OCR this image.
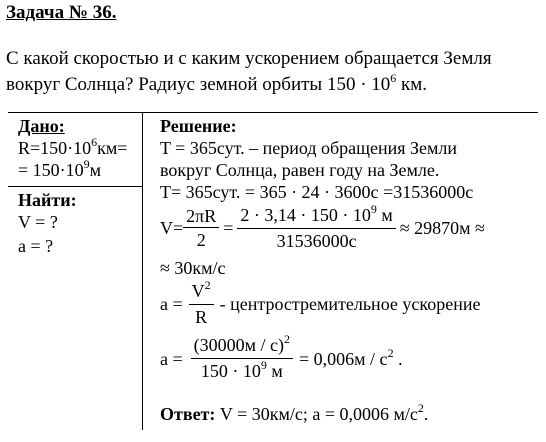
Задача № 36.
С какой скоростью и с каким ускорением обращается Земля
вокруг Солнца? Радиус земной орбиты $150 \cdot 10^6$ км.
Дано:
$R=150\cdot 10^6км=$
= $150\cdot 10^9м$
Найти:
V = ?
a = ?
Решение:
T = 365сут. – период обращения Земли
вокруг Солнца, равен году на Земле.
T= 365сут. = 365 · 24 · 3600с =31536000с
$V= \frac{2\pi R}{2} = \frac{2 \cdot 3,14 \cdot 150 \cdot 10^9 м}{31536000с} \approx 29870м$ ≈
≈ 30км/с
$a = \frac{V^2}{R}$ - центростремительное ускорение
$a = \frac{(30000м / с)^2}{150 \cdot 10^9 м} = 0,006м / с^2$ .
Ответ: V = 30км/с; a = 0,0006 $м/с^2$.
